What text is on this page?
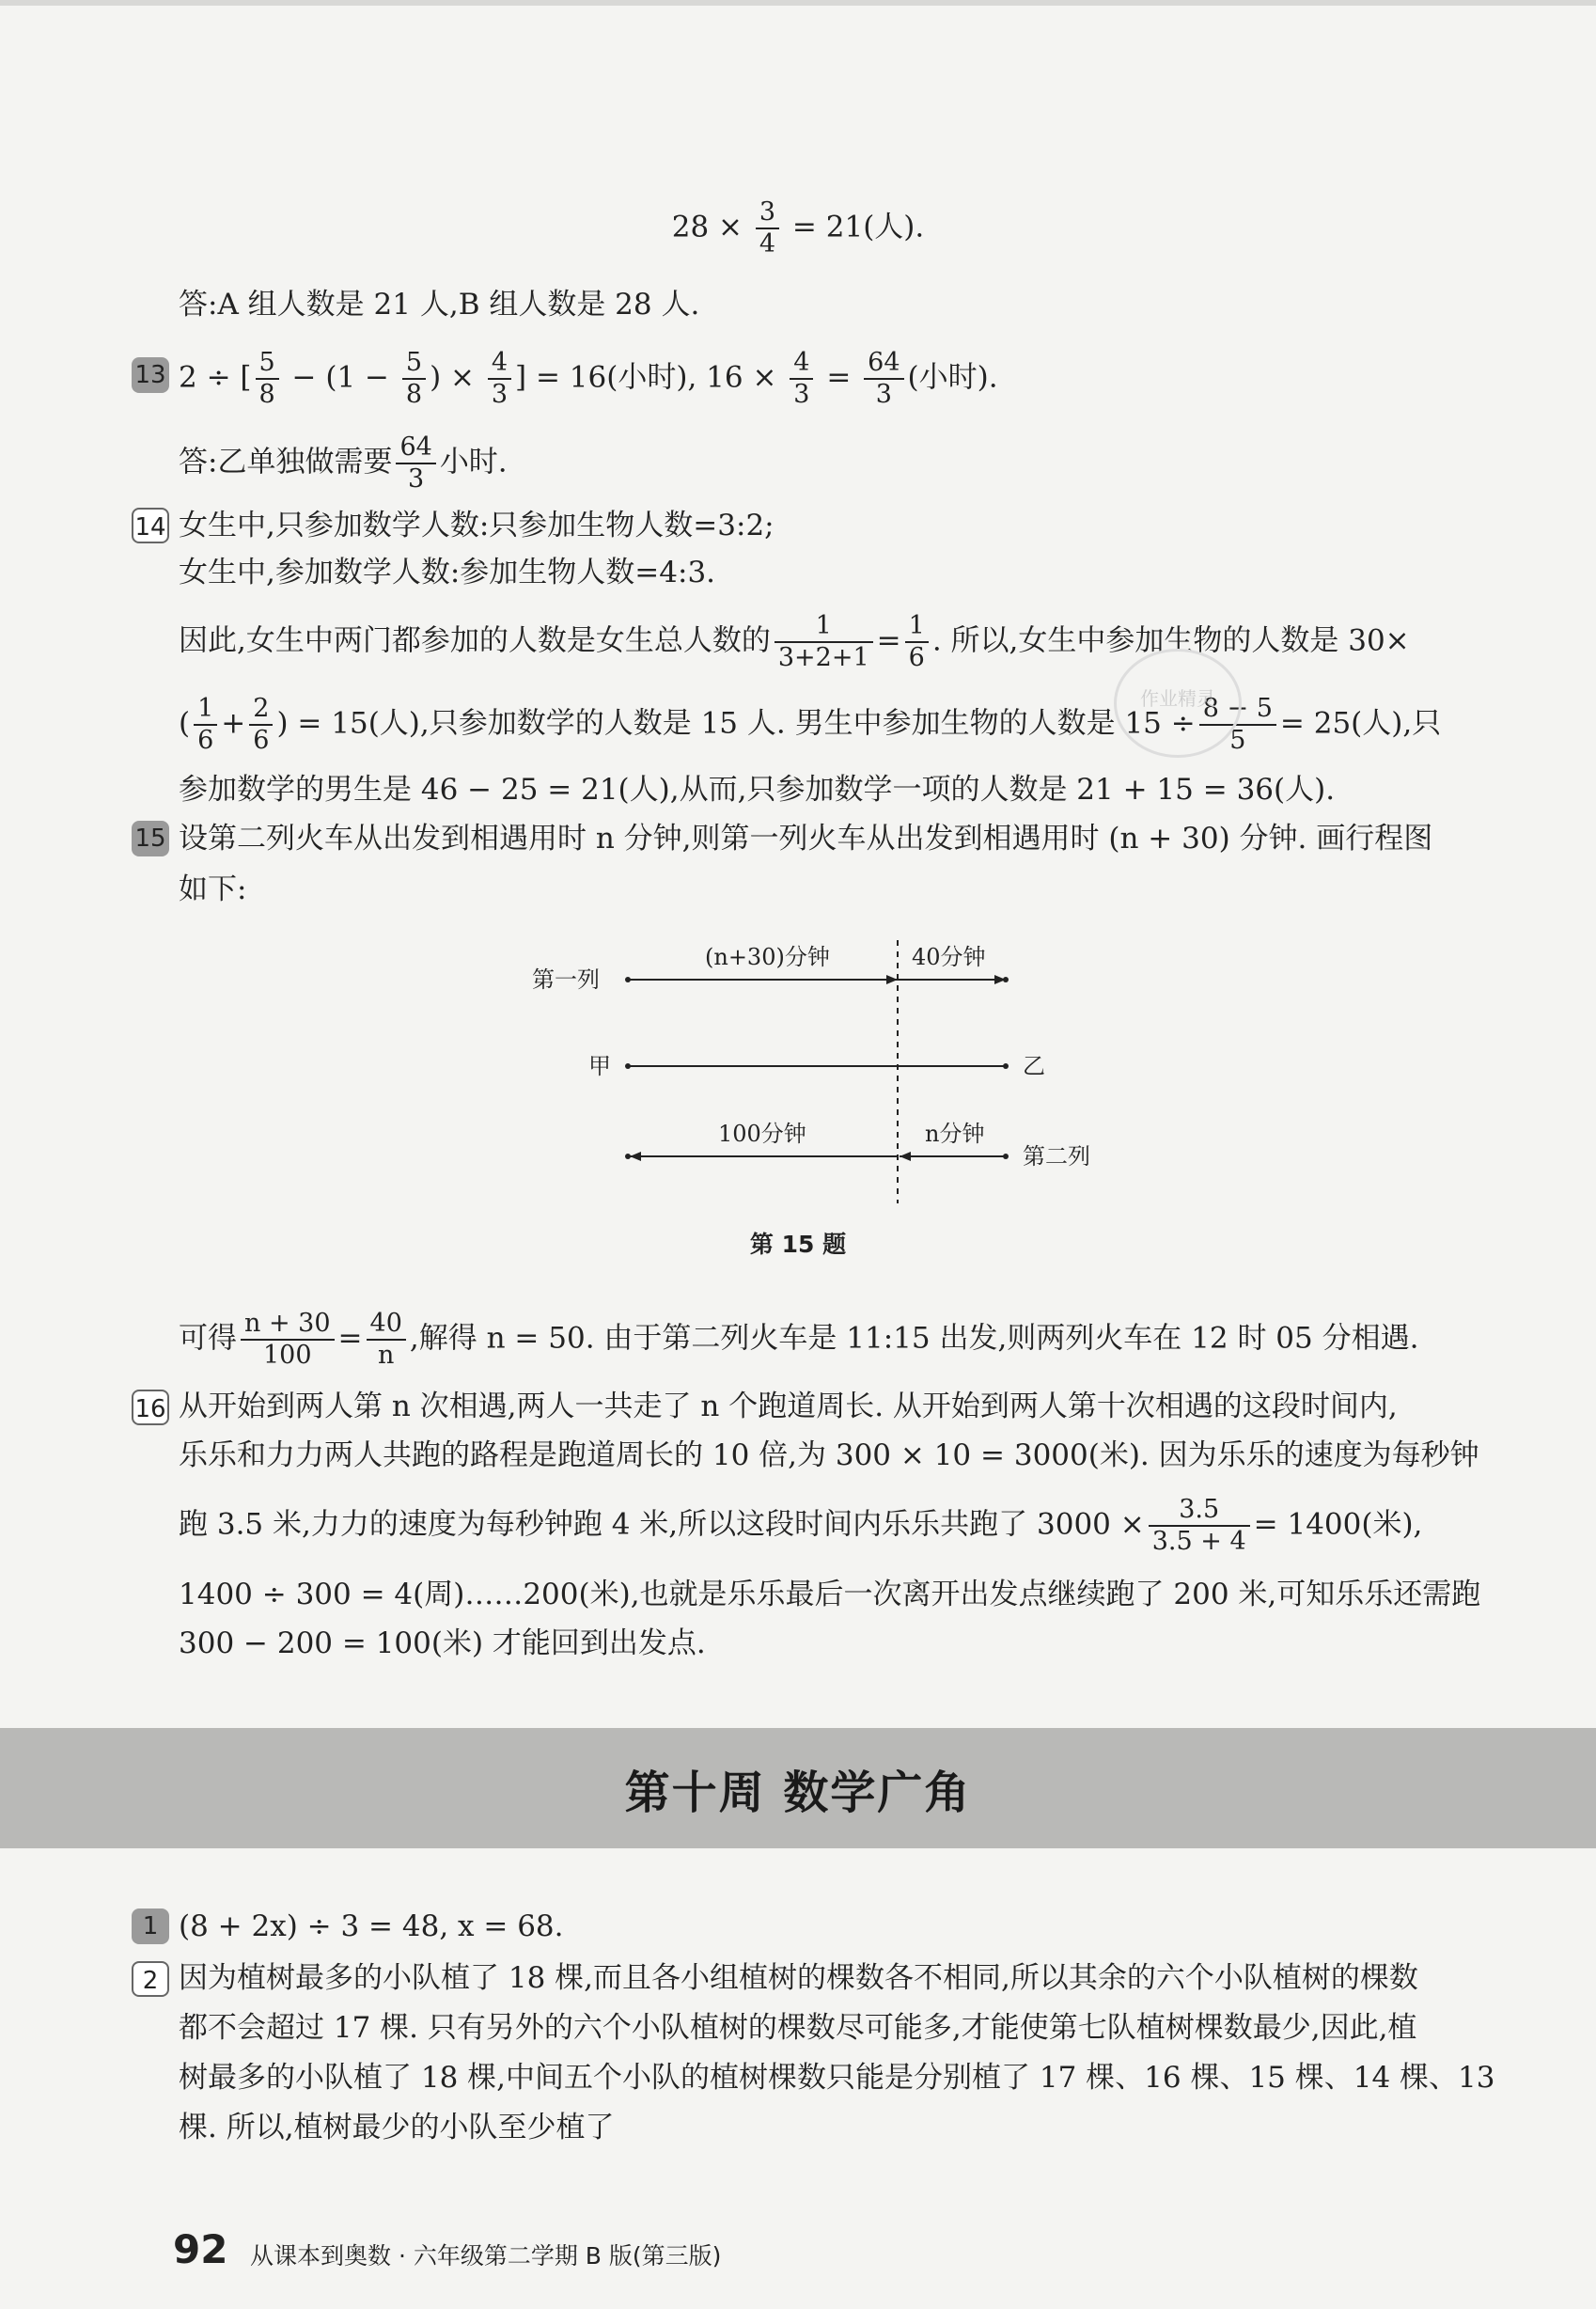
$28 \times \frac{3}{4} = 21$(人).
答:A 组人数是 21 人,B 组人数是 28 人.
13 2 ÷ [ $\frac{5}{8} - (1 - \frac{5}{8}$ ) × $\frac{4}{3}$ ] = 16(小时), $16 \times \frac{4}{3} = \frac{64}{3}$ (小时).
答:乙单独做需要 $\frac{64}{3}$ 小时.
14 女生中,只参加数学人数:只参加生物人数=3:2;
女生中,参加数学人数:参加生物人数=4:3.
因此,女生中两门都参加的人数是女生总人数的 $\frac{1}{3+2+1} = \frac{1}{6}$ . 所以,女生中参加生物的人数是 30×
( $\frac{1}{6} + \frac{2}{6}$ ) = 15(人),只参加数学的人数是 15 人. 男生中参加生物的人数是 $15 \div \frac{8 - 5}{5} = 25$(人),只
参加数学的男生是 46 − 25 = 21(人),从而,只参加数学一项的人数是 21 + 15 = 36(人).
作业精灵
15 设第二列火车从出发到相遇用时 n 分钟,则第一列火车从出发到相遇用时 (n + 30) 分钟. 画行程图
如下:
第一列
(n+30)分钟	40分钟
甲	乙
100分钟	n分钟
第二列
第 15 题
可得 $\frac{n + 30}{100} = \frac{40}{n}$ ,解得 n = 50. 由于第二列火车是 11:15 出发,则两列火车在 12 时 05 分相遇.
16 从开始到两人第 n 次相遇,两人一共走了 n 个跑道周长. 从开始到两人第十次相遇的这段时间内,
乐乐和力力两人共跑的路程是跑道周长的 10 倍,为 300 × 10 = 3000(米). 因为乐乐的速度为每秒钟
跑 3.5 米,力力的速度为每秒钟跑 4 米,所以这段时间内乐乐共跑了 $3000 \times \frac{3.5}{3.5 + 4} = 1400$(米),
1400 ÷ 300 = 4(周)……200(米),也就是乐乐最后一次离开出发点继续跑了 200 米,可知乐乐还需跑
300 − 200 = 100(米) 才能回到出发点.
第十周 数学广角
1 (8 + 2x) ÷ 3 = 48, x = 68.
2 因为植树最多的小队植了 18 棵,而且各小组植树的棵数各不相同,所以其余的六个小队植树的棵数
都不会超过 17 棵. 只有另外的六个小队植树的棵数尽可能多,才能使第七队植树棵数最少,因此,植
树最多的小队植了 18 棵,中间五个小队的植树棵数只能是分别植了 17 棵、16 棵、15 棵、14 棵、13
棵. 所以,植树最少的小队至少植了
92 从课本到奥数 · 六年级第二学期 B 版(第三版)
